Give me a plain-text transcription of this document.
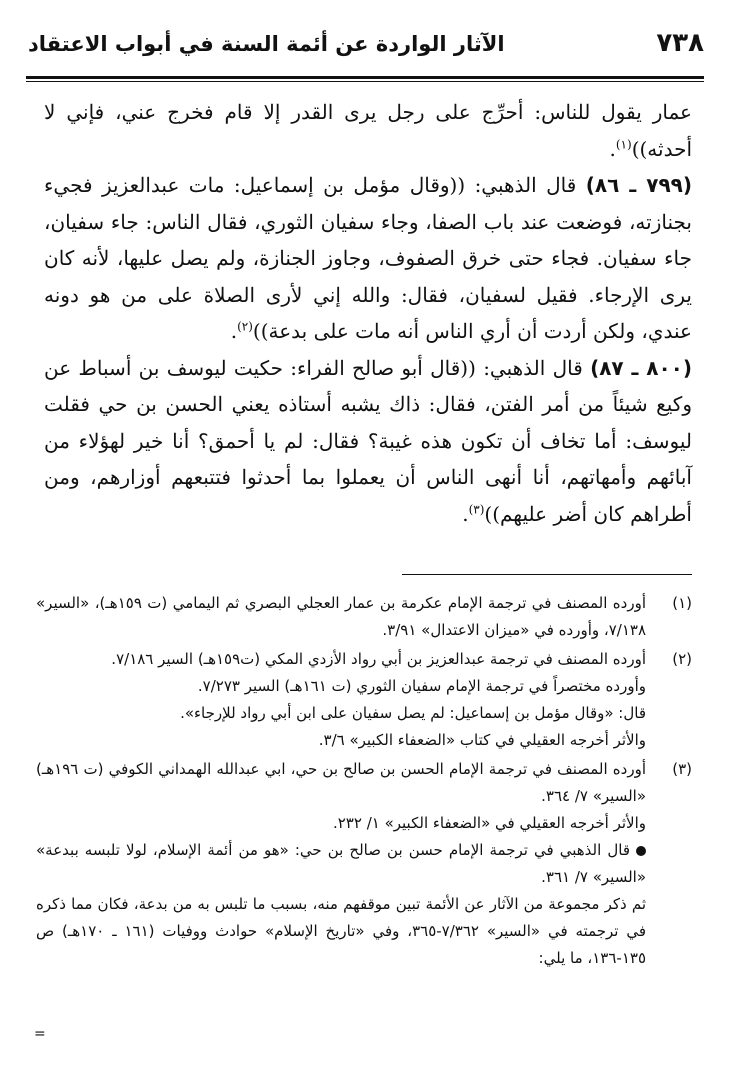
٧٣٨
الآثار الواردة عن أئمة السنة في أبواب الاعتقاد

عمار يقول للناس: أحرِّج على رجل يرى القدر إلا قام فخرج عني، فإني لا أحدثه))$^{(١)}$.

(٧٩٩ ـ ٨٦) قال الذهبي: ((وقال مؤمل بن إسماعيل: مات عبدالعزيز فجيء بجنازته، فوضعت عند باب الصفا، وجاء سفيان الثوري، فقال الناس: جاء سفيان، جاء سفيان. فجاء حتى خرق الصفوف، وجاوز الجنازة، ولم يصل عليها، لأنه كان يرى الإرجاء. فقيل لسفيان، فقال: والله إني لأرى الصلاة على من هو دونه عندي، ولكن أردت أن أري الناس أنه مات على بدعة))$^{(٢)}$.

(٨٠٠ ـ ٨٧) قال الذهبي: ((قال أبو صالح الفراء: حكيت ليوسف بن أسباط عن وكيع شيئاً من أمر الفتن، فقال: ذاك يشبه أستاذه يعني الحسن بن حي فقلت ليوسف: أما تخاف أن تكون هذه غيبة؟ فقال: لم يا أحمق؟ أنا خير لهؤلاء من آبائهم وأمهاتهم، أنا أنهى الناس أن يعملوا بما أحدثوا فتتبعهم أوزارهم، ومن أطراهم كان أضر عليهم))$^{(٣)}$.

(١)
أورده المصنف في ترجمة الإمام عكرمة بن عمار العجلي البصري ثم اليمامي (ت ١٥٩هـ)، «السير» ٧/١٣٨، وأورده في «ميزان الاعتدال» ٣/٩١.
(٢)
أورده المصنف في ترجمة عبدالعزيز بن أبي رواد الأزدي المكي (ت١٥٩هـ) السير ٧/١٨٦.
وأورده مختصراً في ترجمة الإمام سفيان الثوري (ت ١٦١هـ) السير ٧/٢٧٣.
قال: «وقال مؤمل بن إسماعيل: لم يصل سفيان على ابن أبي رواد للإرجاء».
والأثر أخرجه العقيلي في كتاب «الضعفاء الكبير» ٣/٦.
(٣)
أورده المصنف في ترجمة الإمام الحسن بن صالح بن حي، ابي عبدالله الهمداني الكوفي (ت ١٩٦هـ) «السير» ٧/ ٣٦٤.
والأثر أخرجه العقيلي في «الضعفاء الكبير» ١/ ٢٣٢.
قال الذهبي في ترجمة الإمام حسن بن صالح بن حي: «هو من أئمة الإسلام، لولا تلبسه ببدعة» «السير» ٧/ ٣٦١.
ثم ذكر مجموعة من الآثار عن الأئمة تبين موقفهم منه، بسبب ما تلبس به من بدعة، فكان مما ذكره في ترجمته في «السير» ٧/٣٦٢-٣٦٥، وفي «تاريخ الإسلام» حوادث ووفيات (١٦١ ـ ١٧٠هـ) ص ١٣٥-١٣٦، ما يلي:
=
